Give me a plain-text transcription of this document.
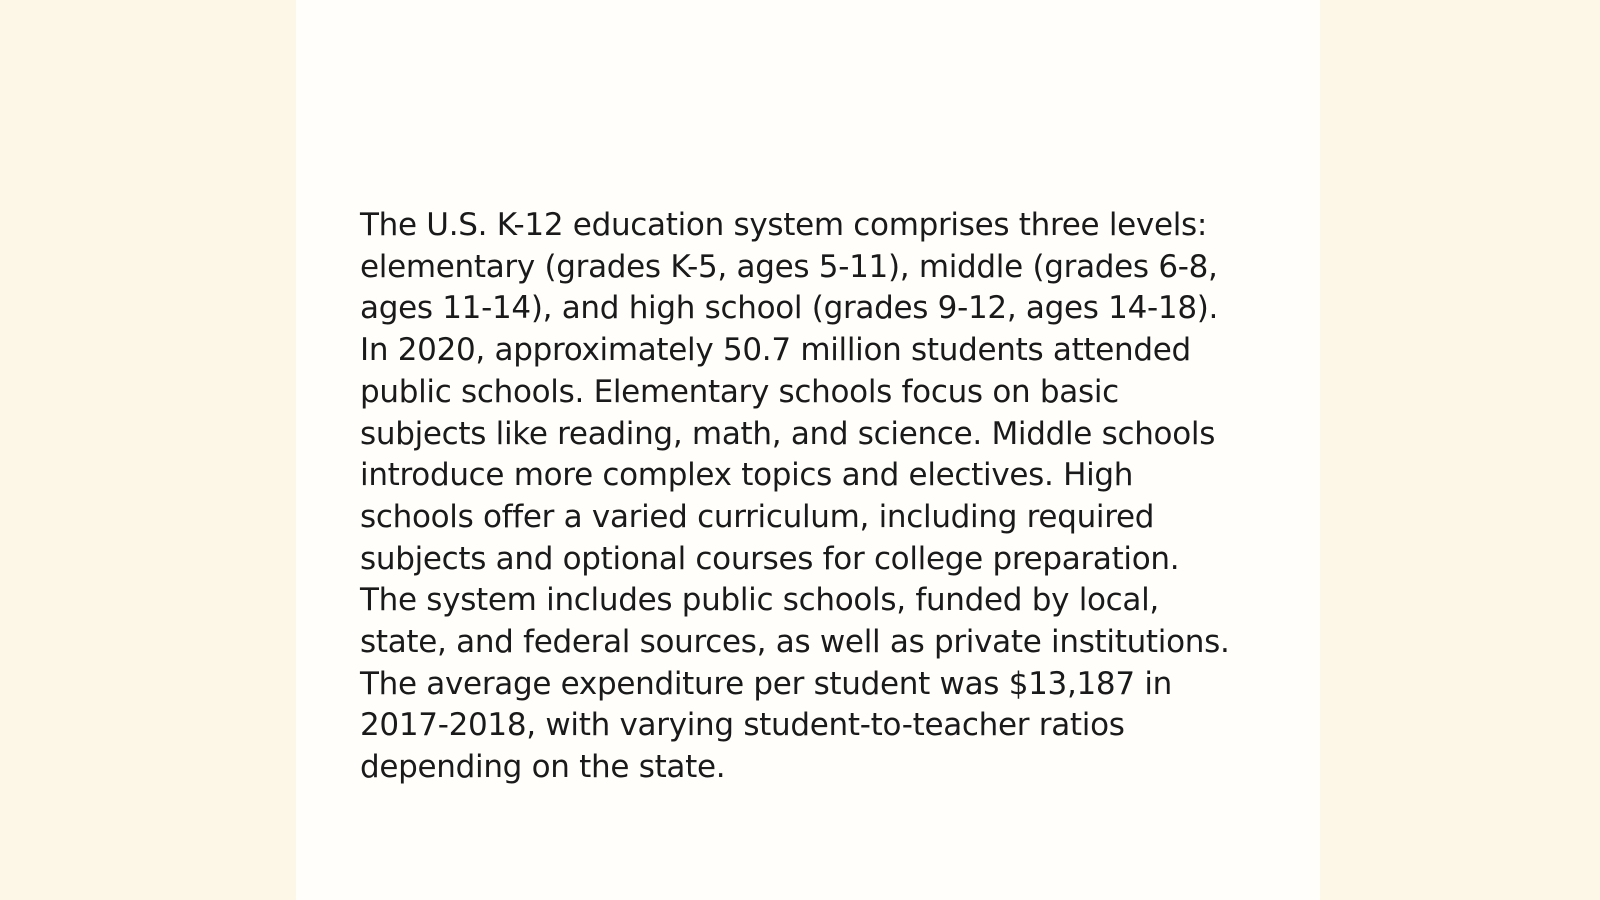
The U.S. K-12 education system comprises three levels: elementary (grades K-5, ages 5-11), middle (grades 6-8, ages 11-14), and high school (grades 9-12, ages 14-18). In 2020, approximately 50.7 million students attended public schools. Elementary schools focus on basic subjects like reading, math, and science. Middle schools introduce more complex topics and electives. High schools offer a varied curriculum, including required subjects and optional courses for college preparation. The system includes public schools, funded by local, state, and federal sources, as well as private institutions. The average expenditure per student was $13,187 in 2017-2018, with varying student-to-teacher ratios depending on the state.
